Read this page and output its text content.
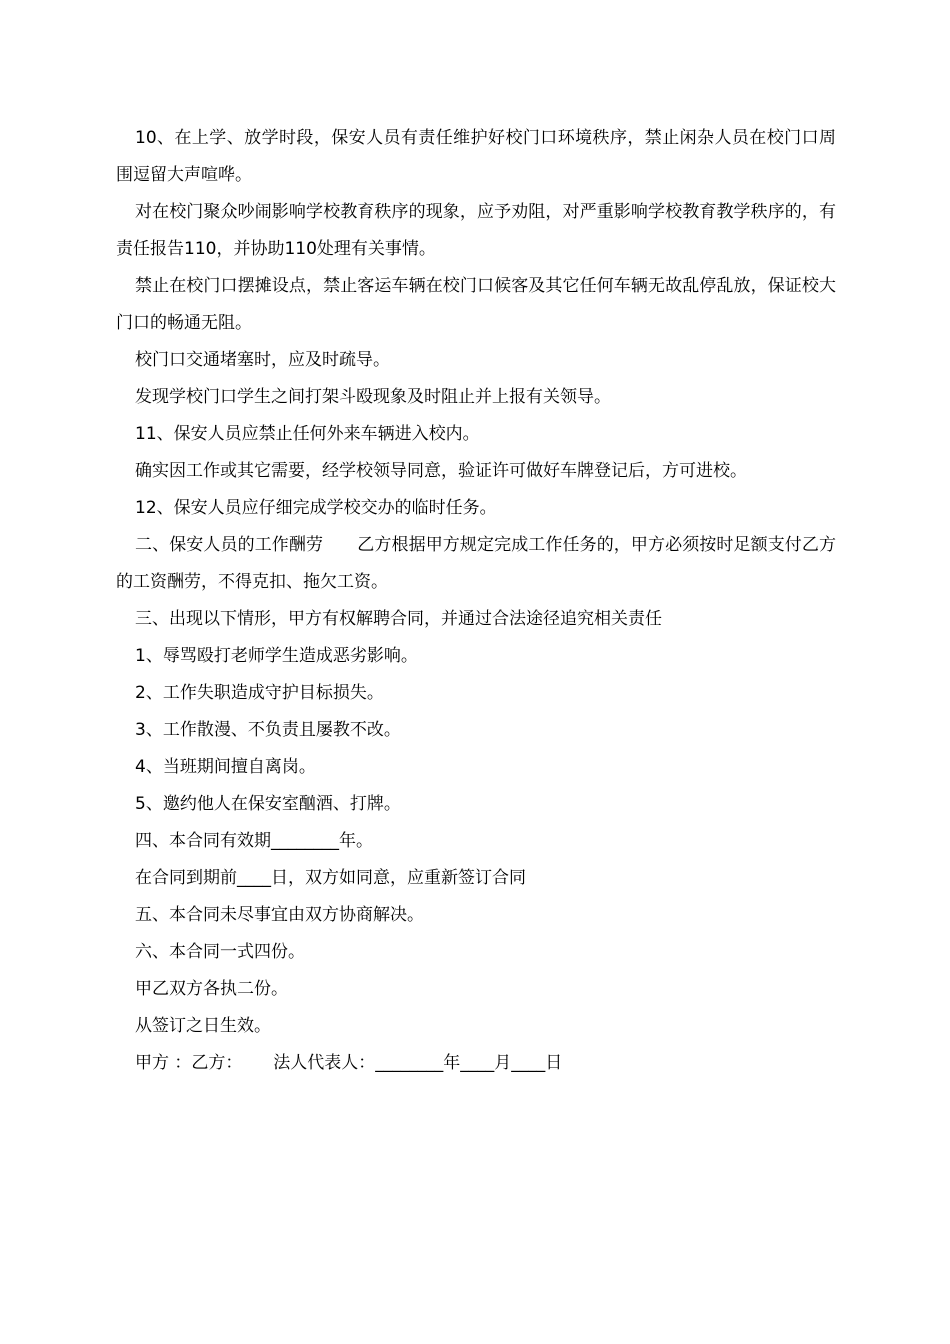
10、在上学、放学时段，保安人员有责任维护好校门口环境秩序，禁止闲杂人员在校门口周围逗留大声喧哗。

对在校门聚众吵闹影响学校教育秩序的现象，应予劝阻，对严重影响学校教育教学秩序的，有责任报告110，并协助110处理有关事情。

禁止在校门口摆摊设点，禁止客运车辆在校门口候客及其它任何车辆无故乱停乱放，保证校大门口的畅通无阻。

校门口交通堵塞时，应及时疏导。

发现学校门口学生之间打架斗殴现象及时阻止并上报有关领导。

11、保安人员应禁止任何外来车辆进入校内。

确实因工作或其它需要，经学校领导同意，验证许可做好车牌登记后，方可进校。

12、保安人员应仔细完成学校交办的临时任务。

二、保安人员的工作酬劳　　乙方根据甲方规定完成工作任务的，甲方必须按时足额支付乙方的工资酬劳，不得克扣、拖欠工资。

三、出现以下情形，甲方有权解聘合同，并通过合法途径追究相关责任

1、辱骂殴打老师学生造成恶劣影响。

2、工作失职造成守护目标损失。

3、工作散漫、不负责且屡教不改。

4、当班期间擅自离岗。

5、邀约他人在保安室酗酒、打牌。

四、本合同有效期________年。

在合同到期前____日，双方如同意，应重新签订合同

五、本合同未尽事宜由双方协商解决。

六、本合同一式四份。

甲乙双方各执二份。

从签订之日生效。

甲方 ：乙方：　　 法人代表人：________年____月____日
